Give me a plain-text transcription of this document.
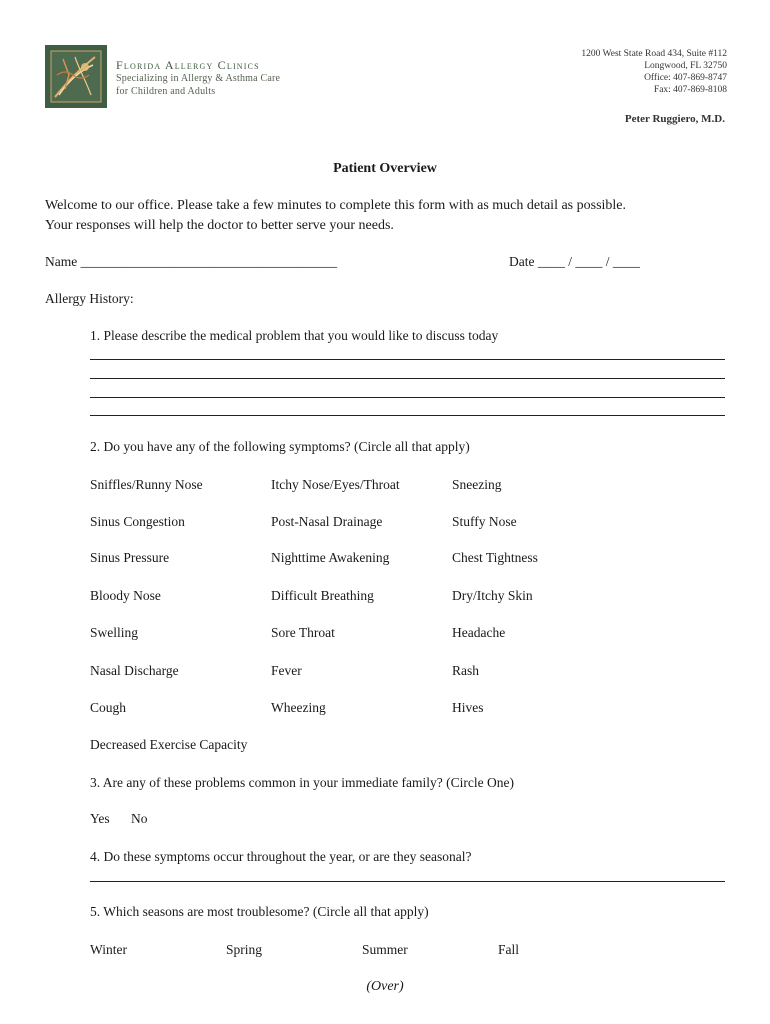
Florida Allergy Clinics
Specializing in Allergy & Asthma Care
for Children and Adults
1200 West State Road 434, Suite #112
Longwood, FL 32750
Office: 407-869-8747
Fax: 407-869-8108
Peter Ruggiero, M.D.
Patient Overview
Welcome to our office. Please take a few minutes to complete this form with as much detail as possible.
Your responses will help the doctor to better serve your needs.
Name ______________________________________	Date ____ / ____ / ____
Allergy History:
1. Please describe the medical problem that you would like to discuss today
2. Do you have any of the following symptoms? (Circle all that apply)
Sniffles/Runny Nose	Itchy Nose/Eyes/Throat	Sneezing
Sinus Congestion	Post-Nasal Drainage	Stuffy Nose
Sinus Pressure	Nighttime Awakening	Chest Tightness
Bloody Nose	Difficult Breathing	Dry/Itchy Skin
Swelling	Sore Throat	Headache
Nasal Discharge	Fever	Rash
Cough	Wheezing	Hives
Decreased Exercise Capacity
3. Are any of these problems common in your immediate family? (Circle One)
Yes No
4. Do these symptoms occur throughout the year, or are they seasonal?
5. Which seasons are most troublesome? (Circle all that apply)
Winter	Spring	Summer	Fall
(Over)
